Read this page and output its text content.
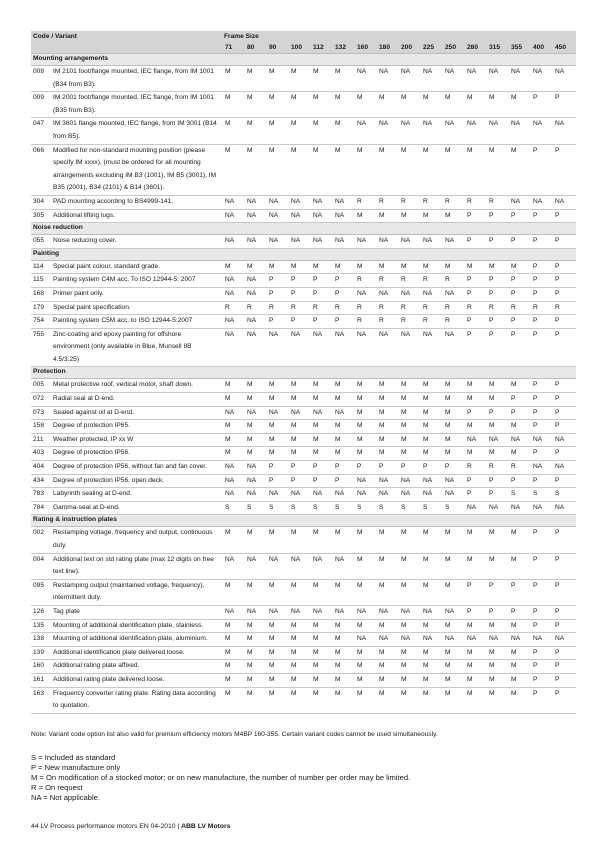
Code / Variant		Frame Size															
		71	80	90	100	112	132	160	180	200	225	250	280	315	355	400	450
Mounting arrangements																	
008	IM 2101 foot/flange mounted, IEC flange, from IM 1001 (B34 from B3).	M	M	M	M	M	M	NA	NA	NA	NA	NA	NA	NA	NA	NA	NA
009	IM 2001 foot/flange mounted, IEC flange, from IM 1001 (B35 from B3).	M	M	M	M	M	M	M	M	M	M	M	M	M	M	P	P
047	IM 3601 flange mounted, IEC flange, from IM 3001 (B14 from B5).	M	M	M	M	M	M	NA	NA	NA	NA	NA	NA	NA	NA	NA	NA
066	Modified for non-standard mounting position (please specify IM xxxx), (must be ordered for all mounting arrangements excluding IM B3 (1001), IM B5 (3001), IM B35 (2001), B34 (2101) & B14 (3601).	M	M	M	M	M	M	M	M	M	M	M	M	M	M	P	P
304	PAD mounting according to BS4999-141.	NA	NA	NA	NA	NA	NA	R	R	R	R	R	R	R	NA	NA	NA
305	Additional lifting lugs.	NA	NA	NA	NA	NA	NA	M	M	M	M	M	P	P	P	P	P
Noise reduction																	
055	Noise reducing cover.	NA	NA	NA	NA	NA	NA	NA	NA	NA	NA	NA	P	P	P	P	P
Painting																	
114	Special paint colour, standard grade.	M	M	M	M	M	M	M	M	M	M	M	M	M	M	P	P
115	Painting system C4M acc. To ISO 12944-5: 2007	NA	NA	P	P	P	P	R	R	R	R	R	P	P	P	P	P
168	Primer paint only.	NA	NA	P	P	P	P	NA	NA	NA	NA	NA	P	P	P	P	P
179	Special paint specification.	R	R	R	R	R	R	R	R	R	R	R	R	R	R	R	R
754	Painting system C5M acc. to ISO 12944-5:2007	NA	NA	P	P	P	P	R	R	R	R	R	P	P	P	P	P
755	Zinc-coating and epoxy painting for offshore environment (only available in Blue, Munsell 8B 4.5/3.25)	NA	NA	NA	NA	NA	NA	NA	NA	NA	NA	NA	P	P	P	P	P
Protection																	
005	Metal protective roof, vertical motor, shaft down.	M	M	M	M	M	M	M	M	M	M	M	M	M	M	P	P
072	Radial seal at D-end.	M	M	M	M	M	M	M	M	M	M	M	M	M	P	P	P
073	Sealed against oil at D-end.	NA	NA	NA	NA	NA	NA	M	M	M	M	M	P	P	P	P	P
158	Degree of protection IP65.	M	M	M	M	M	M	M	M	M	M	M	M	M	M	P	P
211	Weather protected, IP xx W	M	M	M	M	M	M	M	M	M	M	M	NA	NA	NA	NA	NA
403	Degree of protection IP56.	M	M	M	M	M	M	M	M	M	M	M	M	M	M	P	P
404	Degree of protection IP56, without fan and fan cover.	NA	NA	P	P	P	P	P	P	P	P	P	R	R	R	NA	NA
434	Degree of protection IP56, open deck.	NA	NA	P	P	P	P	NA	NA	NA	NA	NA	P	P	P	P	P
783	Labyrinth sealing at D-end.	NA	NA	NA	NA	NA	NA	NA	NA	NA	NA	NA	P	P	S	S	S
784	Gamma-seal at D-end.	S	S	S	S	S	S	S	S	S	S	S	NA	NA	NA	NA	NA
Rating & instruction plates																	
002	Restamping voltage, frequency and output, continuous duty.	M	M	M	M	M	M	M	M	M	M	M	M	M	M	P	P
004	Additional text on std rating plate (max 12 digits on free text line).	NA	NA	NA	NA	NA	NA	M	M	M	M	M	M	M	M	P	P
095	Restamping output (maintained voltage, frequency), intermittent duty.	M	M	M	M	M	M	M	M	M	M	M	P	P	P	P	P
126	Tag plate	NA	NA	NA	NA	NA	NA	NA	NA	NA	NA	NA	P	P	P	P	P
135	Mounting of additional identification plate, stainless.	M	M	M	M	M	M	M	M	M	M	M	M	M	M	P	P
138	Mounting of additional identification plate, aluminium.	M	M	M	M	M	M	NA	NA	NA	NA	NA	NA	NA	NA	NA	NA
139	Additional identification plate delivered loose.	M	M	M	M	M	M	M	M	M	M	M	M	M	M	P	P
160	Additional rating plate affixed.	M	M	M	M	M	M	M	M	M	M	M	M	M	M	P	P
161	Additional rating plate delivered loose.	M	M	M	M	M	M	M	M	M	M	M	M	M	M	P	P
163	Frequency converter rating plate. Rating data according to quotation.	M	M	M	M	M	M	M	M	M	M	M	M	M	M	P	P
Note: Variant code option list also valid for premium efficiency motors M4BP 160-355. Certain variant codes cannot be used simultaneously.
S = Included as standard
P = New manufacture only
M = On modification of a stocked motor; or on new manufacture, the number of number per order may be limited.
R = On request
NA = Not applicable.
44 LV Process performance motors EN 04-2010 | ABB LV Motors
